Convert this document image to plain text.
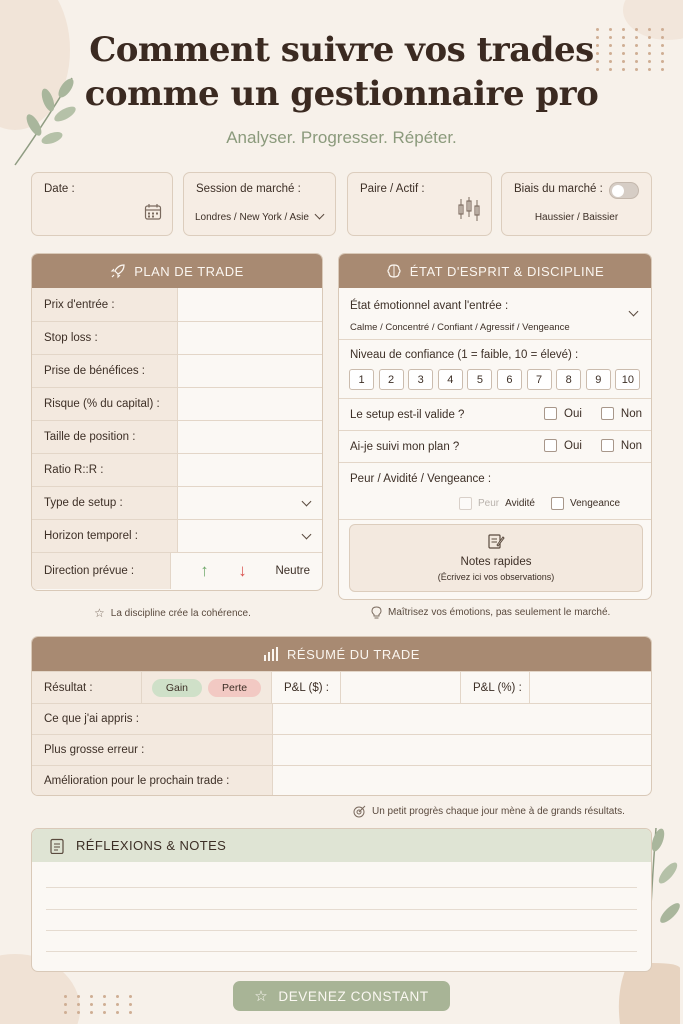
Comment suivre vos trades
comme un gestionnaire pro
Analyser. Progresser. Répéter.
Date :	Session de marché :
Londres / New York / Asie
Paire / Actif :	Biais du marché :
Haussier / Baissier
PLAN DE TRADE
Prix d'entrée :
Stop loss :
Prise de bénéfices :
Risque (% du capital) :
Taille de position :
Ratio R::R :
Type de setup :
Horizon temporel :
Direction prévue :	↑	↓	Neutre
☆ La discipline crée la cohérence.
ÉTAT D'ESPRIT & DISCIPLINE
État émotionnel avant l'entrée :
Calme / Concentré / Confiant / Agressif / Vengeance
Niveau de confiance (1 = faible, 10 = élevé) :
1	2	3	4	5	6	7	8	9	10
Le setup est-il valide ?	Oui	Non
Ai-je suivi mon plan ?	Oui	Non
Peur / Avidité / Vengeance :
Peur Avidité	Vengeance
Notes rapides
(Écrivez ici vos observations)
Maîtrisez vos émotions, pas seulement le marché.
RÉSUMÉ DU TRADE
Résultat :	Gain	Perte	P&L ($) :	P&L (%) :
Ce que j'ai appris :
Plus grosse erreur :
Amélioration pour le prochain trade :
Un petit progrès chaque jour mène à de grands résultats.
RÉFLEXIONS & NOTES
☆ DEVENEZ CONSTANT
